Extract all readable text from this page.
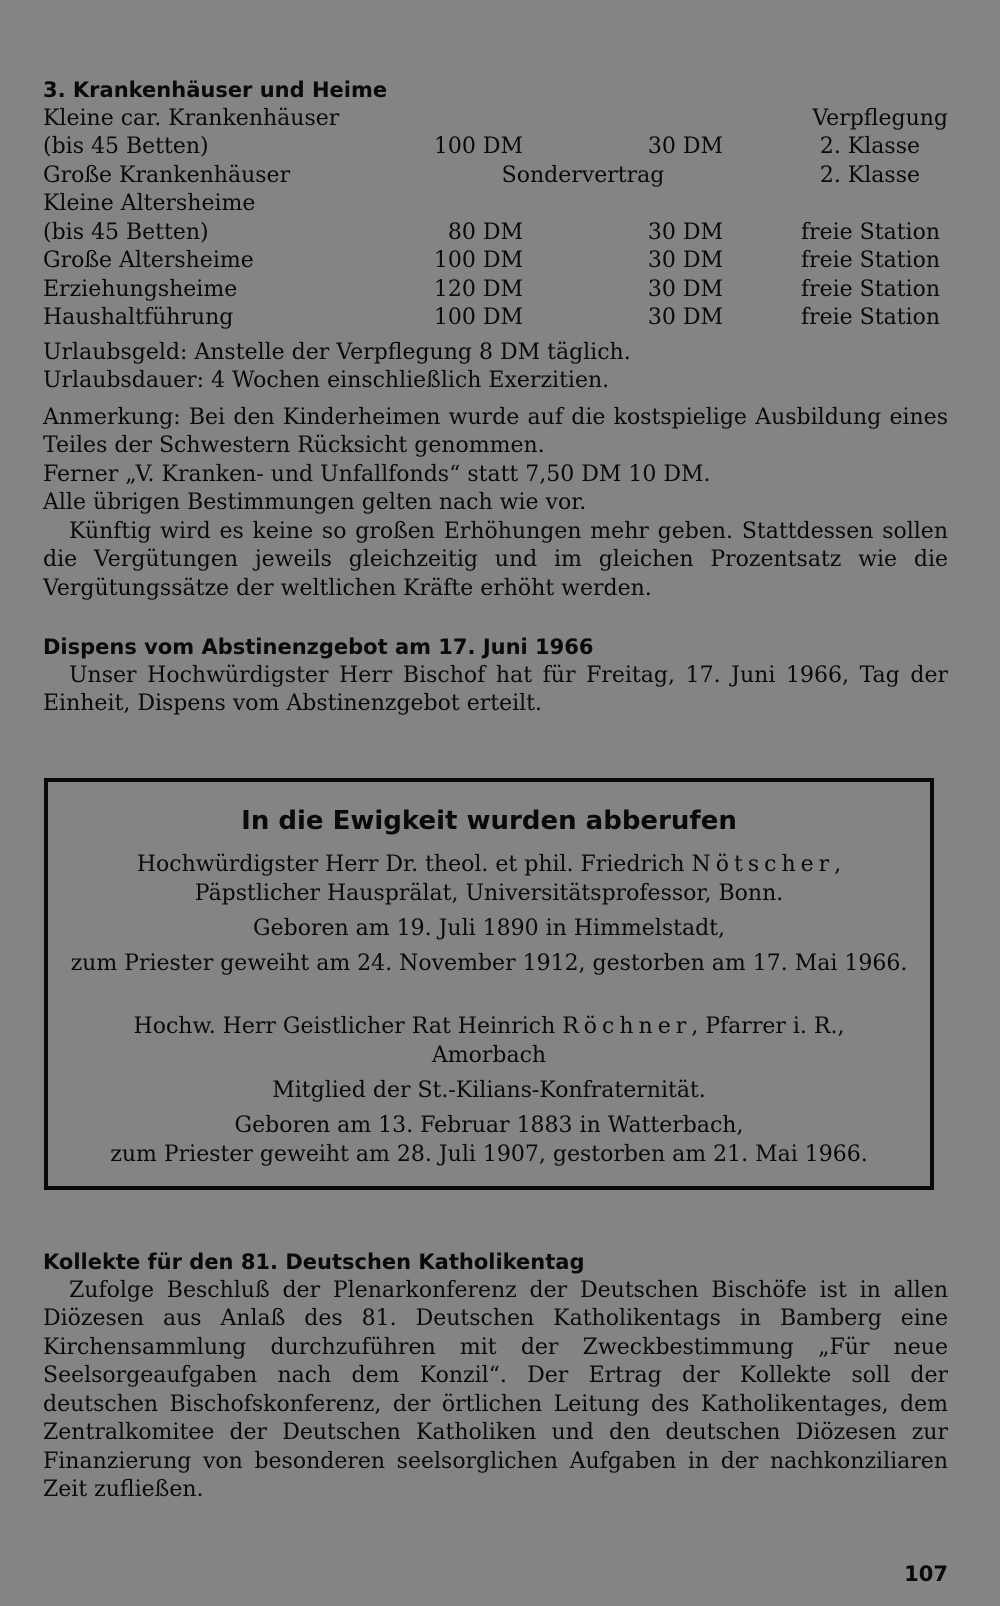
3. Krankenhäuser und Heime

Kleine car. Krankenhäuser			Verpflegung
(bis 45 Betten)	100 DM	30 DM	2. Klasse
Große Krankenhäuser	Sondervertrag		2. Klasse
Kleine Altersheime			
(bis 45 Betten)	80 DM	30 DM	freie Station
Große Altersheime	100 DM	30 DM	freie Station
Erziehungsheime	120 DM	30 DM	freie Station
Haushaltführung	100 DM	30 DM	freie Station

Urlaubsgeld: Anstelle der Verpflegung 8 DM täglich.

Urlaubsdauer: 4 Wochen einschließlich Exerzitien.

Anmerkung: Bei den Kinderheimen wurde auf die kostspielige Ausbildung eines Teiles der Schwestern Rücksicht genommen.

Ferner „V. Kranken- und Unfallfonds“ statt 7,50 DM 10 DM.

Alle übrigen Bestimmungen gelten nach wie vor.

Künftig wird es keine so großen Erhöhungen mehr geben. Stattdessen sollen die Vergütungen jeweils gleichzeitig und im gleichen Prozentsatz wie die Vergütungssätze der weltlichen Kräfte erhöht werden.

Dispens vom Abstinenzgebot am 17. Juni 1966

Unser Hochwürdigster Herr Bischof hat für Freitag, 17. Juni 1966, Tag der Einheit, Dispens vom Abstinenzgebot erteilt.

In die Ewigkeit wurden abberufen

Hochwürdigster Herr Dr. theol. et phil. Friedrich Nötscher,

Päpstlicher Hausprälat, Universitätsprofessor, Bonn.

Geboren am 19. Juli 1890 in Himmelstadt,

zum Priester geweiht am 24. November 1912, gestorben am 17. Mai 1966.

Hochw. Herr Geistlicher Rat Heinrich Röchner, Pfarrer i. R.,

Amorbach

Mitglied der St.-Kilians-Konfraternität.

Geboren am 13. Februar 1883 in Watterbach,

zum Priester geweiht am 28. Juli 1907, gestorben am 21. Mai 1966.

Kollekte für den 81. Deutschen Katholikentag

Zufolge Beschluß der Plenarkonferenz der Deutschen Bischöfe ist in allen Diözesen aus Anlaß des 81. Deutschen Katholikentags in Bamberg eine Kirchensammlung durchzuführen mit der Zweckbestimmung „Für neue Seelsorgeaufgaben nach dem Konzil“. Der Ertrag der Kollekte soll der deutschen Bischofskonferenz, der örtlichen Leitung des Katholikentages, dem Zentralkomitee der Deutschen Katholiken und den deutschen Diözesen zur Finanzierung von besonderen seelsorglichen Aufgaben in der nachkonziliaren Zeit zufließen.

107
